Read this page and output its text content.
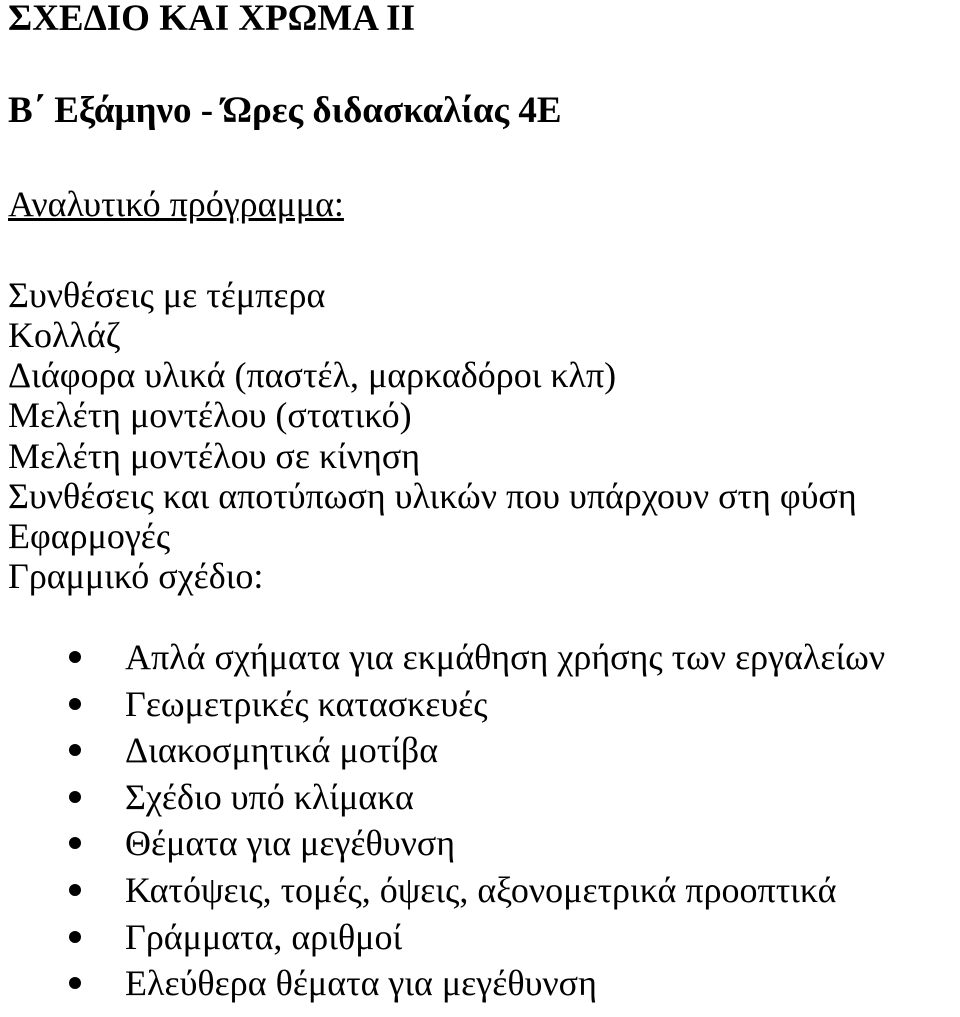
ΣΧΕΔΙΟ ΚΑΙ ΧΡΩΜΑ ΙΙ
Β΄ Εξάμηνο - Ώρες διδασκαλίας 4Ε
Αναλυτικό πρόγραμμα:
Συνθέσεις με τέμπερα
Κολλάζ
Διάφορα υλικά (παστέλ, μαρκαδόροι κλπ)
Μελέτη μοντέλου (στατικό)
Μελέτη μοντέλου σε κίνηση
Συνθέσεις και αποτύπωση υλικών που υπάρχουν στη φύση
Εφαρμογές
Γραμμικό σχέδιο:
Απλά σχήματα για εκμάθηση χρήσης των εργαλείων
Γεωμετρικές κατασκευές
Διακοσμητικά μοτίβα
Σχέδιο υπό κλίμακα
Θέματα για μεγέθυνση
Κατόψεις, τομές, όψεις, αξονομετρικά προοπτικά
Γράμματα, αριθμοί
Ελεύθερα θέματα για μεγέθυνση
